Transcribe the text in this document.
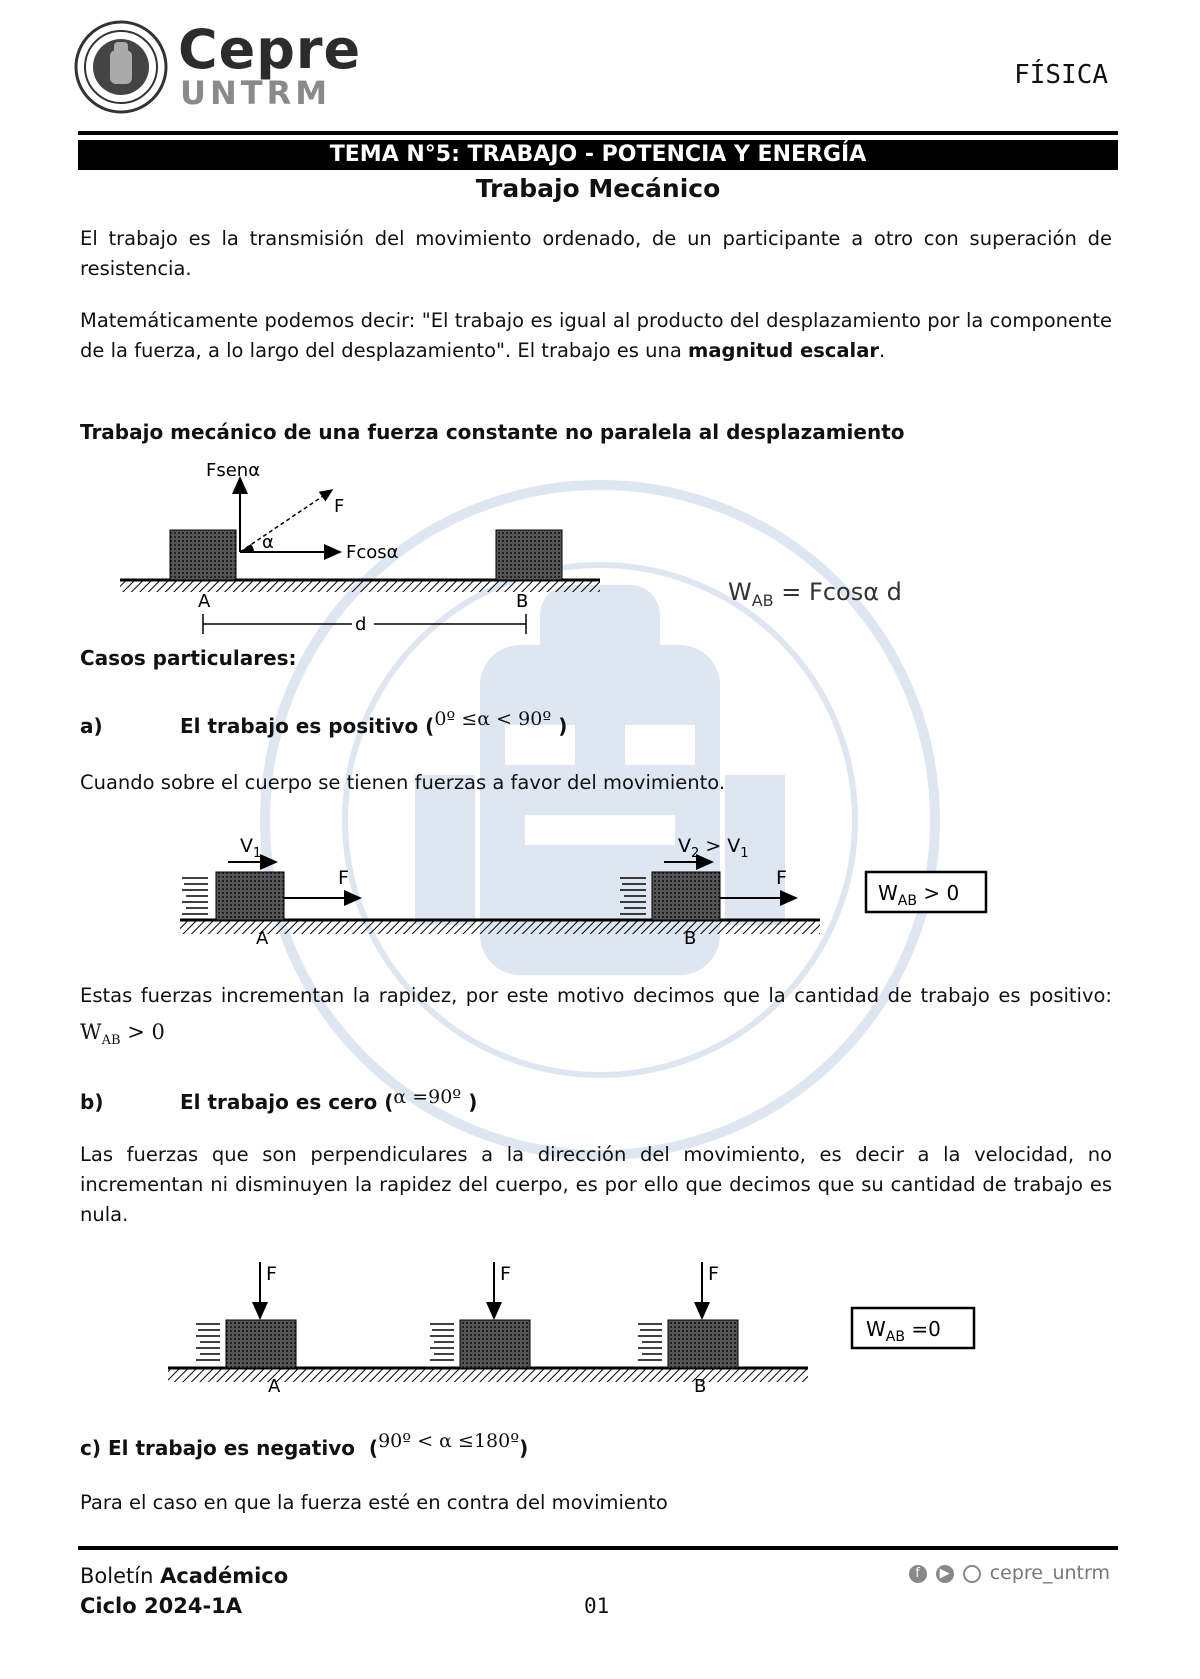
Cepre
UNTRM	FÍSICA
TEMA N°5: TRABAJO - POTENCIA Y ENERGÍA
Trabajo Mecánico
El trabajo es la transmisión del movimiento ordenado, de un participante a otro con superación de resistencia.
Matemáticamente podemos decir: "El trabajo es igual al producto del desplazamiento por la componente de la fuerza, a lo largo del desplazamiento". El trabajo es una magnitud escalar.
Trabajo mecánico de una fuerza constante no paralela al desplazamiento
Fsenα
F
α	Fcosα
A	B
d
$W_{AB} = Fcos\alpha$ d
Casos particulares:
a)	El trabajo es positivo (0º ≤α < 90º )
Cuando sobre el cuerpo se tienen fuerzas a favor del movimiento.
$V_1$	$V_2 > V_1$
F	F
A	B
$W_{AB} > 0$
Estas fuerzas incrementan la rapidez, por este motivo decimos que la cantidad de trabajo es positivo: $W_{AB} > 0$
b)	El trabajo es cero (α =90º )
Las fuerzas que son perpendiculares a la dirección del movimiento, es decir a la velocidad, no incrementan ni disminuyen la rapidez del cuerpo, es por ello que decimos que su cantidad de trabajo es nula.
F	F	F
A	B
$W_{AB} =0$
c) El trabajo es negativo (90º < α ≤180º)
Para el caso en que la fuerza esté en contra del movimiento
Boletín Académico
Ciclo 2024-1A	01
f ▶ cepre_untrm
